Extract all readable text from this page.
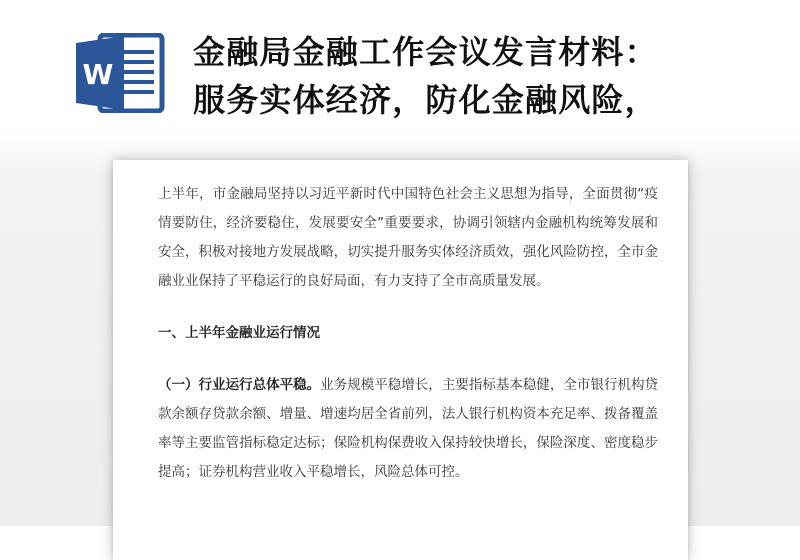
W
金融局金融工作会议发言材料：
服务实体经济，防化金融风险，

上半年，市金融局坚持以习近平新时代中国特色社会主义思想为指导，全面贯彻“疫情要防住，经济要稳住，发展要安全”重要要求，协调引领辖内金融机构统筹发展和安全，积极对接地方发展战略，切实提升服务实体经济质效，强化风险防控，全市金融业业保持了平稳运行的良好局面，有力支持了全市高质量发展。

一、上半年金融业运行情况

（一）行业运行总体平稳。业务规模平稳增长，主要指标基本稳健，全市银行机构贷款余额存贷款余额、增量、增速均居全省前列，法人银行机构资本充足率、拨备覆盖率等主要监管指标稳定达标；保险机构保费收入保持较快增长，保险深度、密度稳步提高；证券机构营业收入平稳增长，风险总体可控。
